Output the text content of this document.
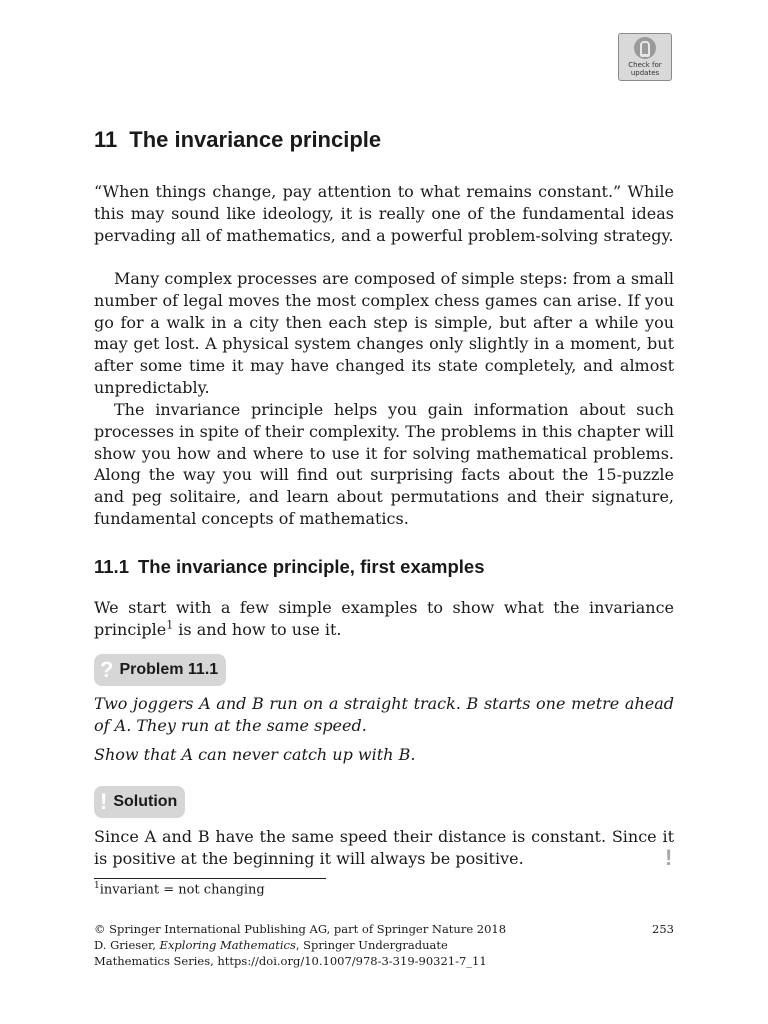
Check for
updates
11 The invariance principle

“When things change, pay attention to what remains constant.” While this may sound like ideology, it is really one of the fundamental ideas pervading all of mathematics, and a powerful problem-solving strategy.

Many complex processes are composed of simple steps: from a small number of legal moves the most complex chess games can arise. If you go for a walk in a city then each step is simple, but after a while you may get lost. A physical system changes only slightly in a moment, but after some time it may have changed its state completely, and almost unpredictably.

The invariance principle helps you gain information about such processes in spite of their complexity. The problems in this chapter will show you how and where to use it for solving mathematical problems. Along the way you will find out surprising facts about the 15-puzzle and peg solitaire, and learn about permutations and their signature, fundamental concepts of mathematics.

11.1 The invariance principle, first examples

We start with a few simple examples to show what the invariance principle$^1$ is and how to use it.

? Problem 11.1

Two joggers A and B run on a straight track. B starts one metre ahead of A. They run at the same speed.

Show that A can never catch up with B.

! Solution

Since A and B have the same speed their distance is constant. Since it is positive at the beginning it will always be positive.	!

$^1$invariant = not changing

© Springer International Publishing AG, part of Springer Nature 2018
D. Grieser, Exploring Mathematics, Springer Undergraduate
Mathematics Series, https://doi.org/10.1007/978-3-319-90321-7_11
253
